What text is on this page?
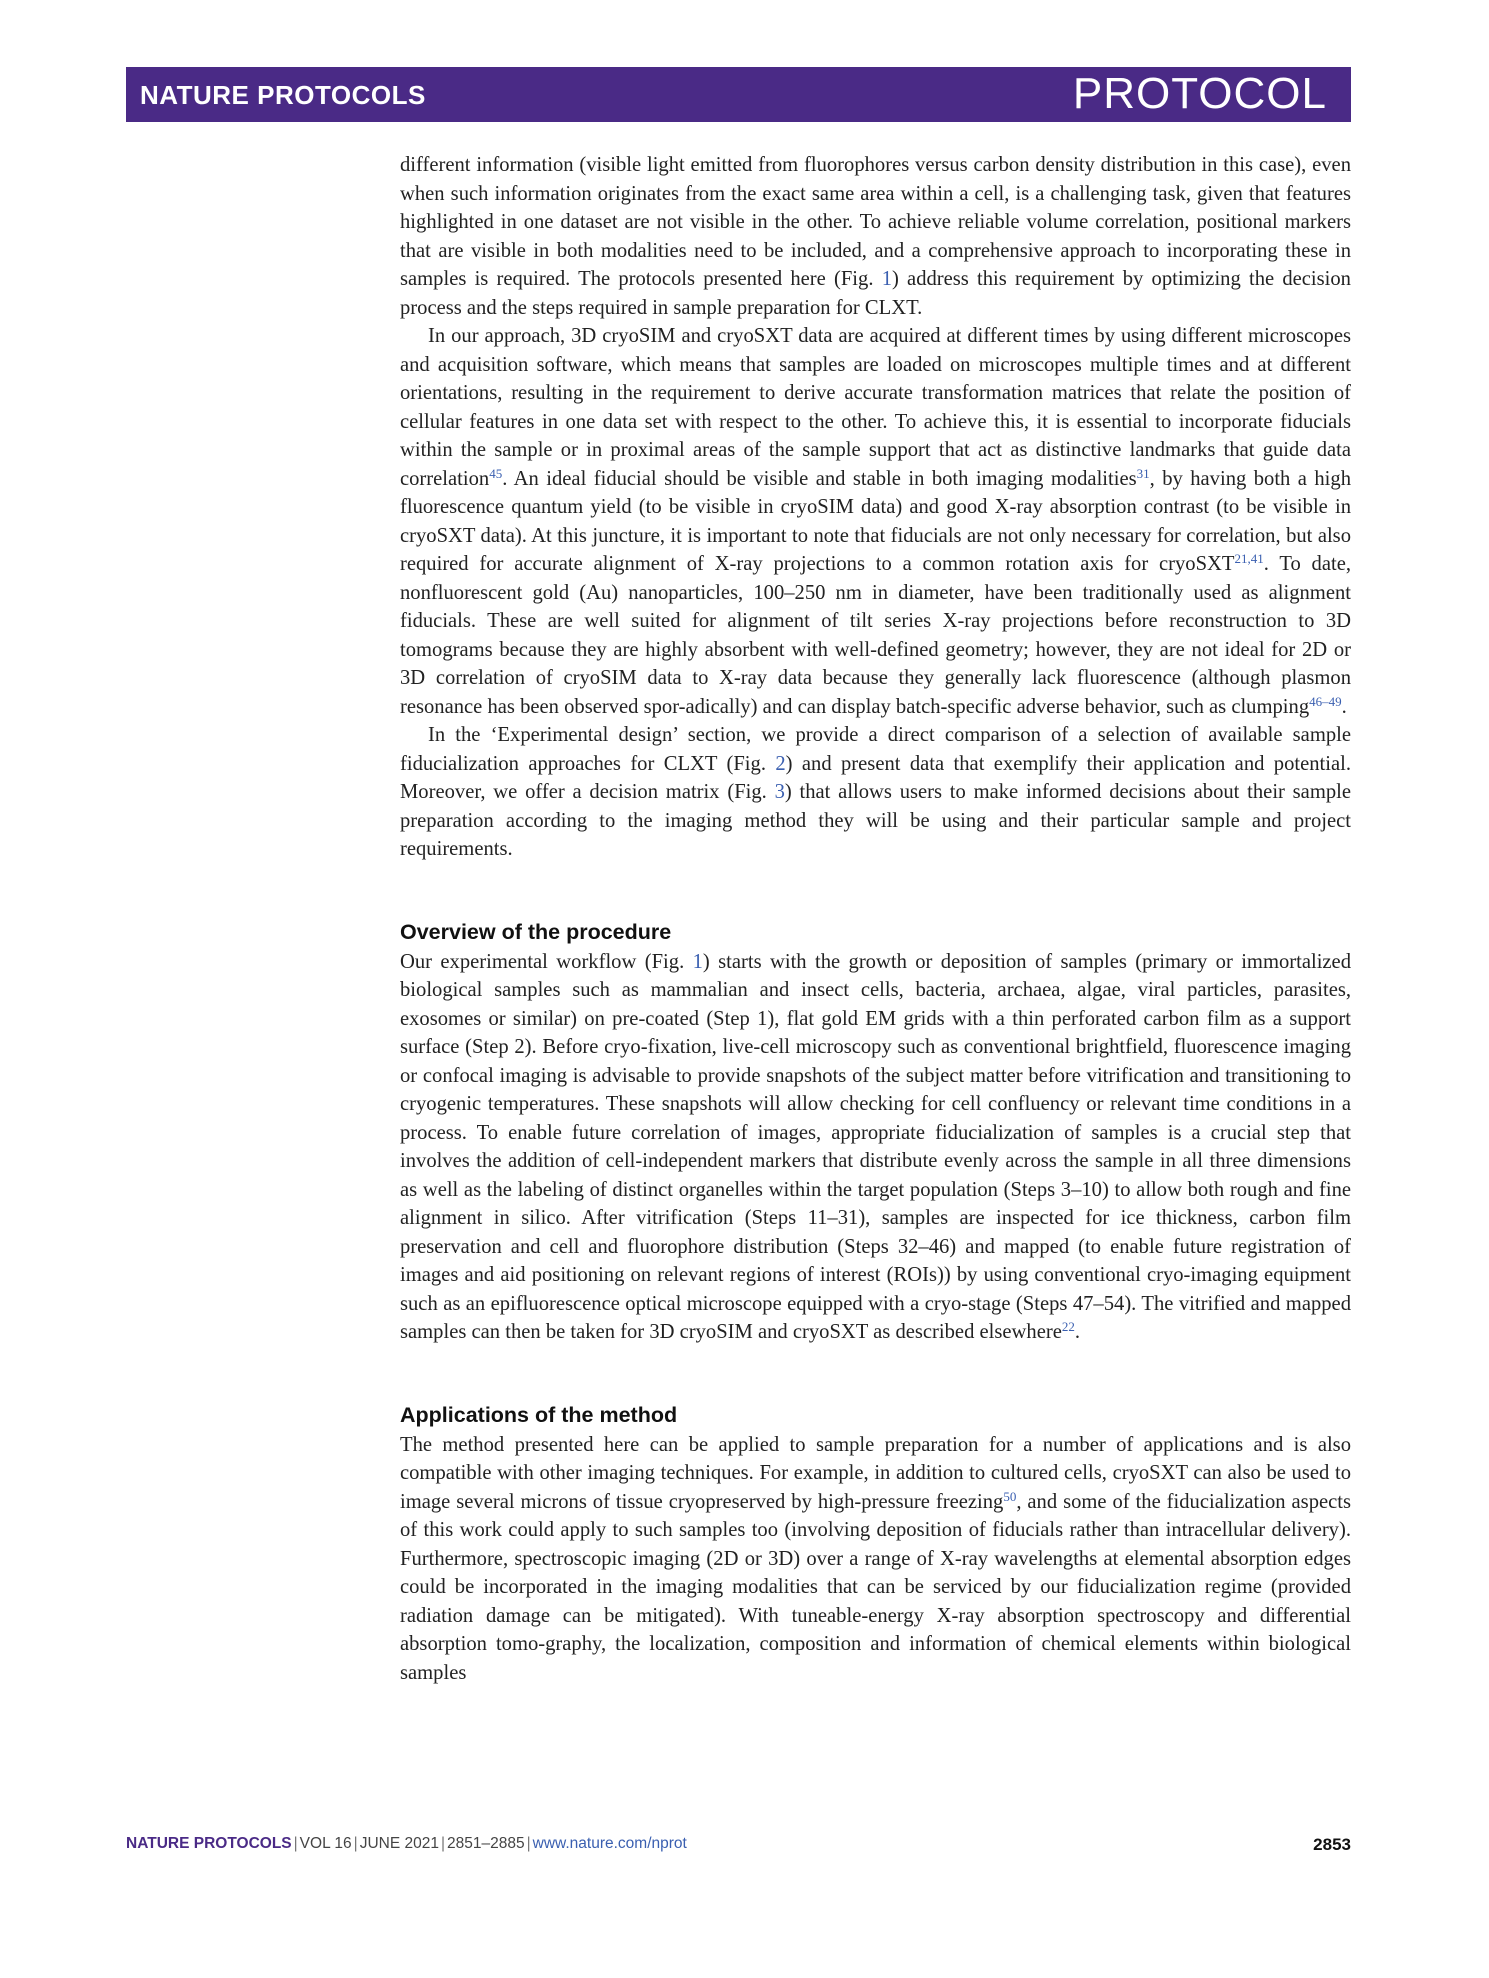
NATURE PROTOCOLS	PROTOCOL

different information (visible light emitted from fluorophores versus carbon density distribution in this case), even when such information originates from the exact same area within a cell, is a challenging task, given that features highlighted in one dataset are not visible in the other. To achieve reliable volume correlation, positional markers that are visible in both modalities need to be included, and a comprehensive approach to incorporating these in samples is required. The protocols presented here (Fig. 1) address this requirement by optimizing the decision process and the steps required in sample preparation for CLXT.

In our approach, 3D cryoSIM and cryoSXT data are acquired at different times by using different microscopes and acquisition software, which means that samples are loaded on microscopes multiple times and at different orientations, resulting in the requirement to derive accurate transformation matrices that relate the position of cellular features in one data set with respect to the other. To achieve this, it is essential to incorporate fiducials within the sample or in proximal areas of the sample support that act as distinctive landmarks that guide data correlation$^{45}$. An ideal fiducial should be visible and stable in both imaging modalities$^{31}$, by having both a high fluorescence quantum yield (to be visible in cryoSIM data) and good X-ray absorption contrast (to be visible in cryoSXT data). At this juncture, it is important to note that fiducials are not only necessary for correlation, but also required for accurate alignment of X-ray projections to a common rotation axis for cryoSXT$^{21,41}$. To date, nonfluorescent gold (Au) nanoparticles, 100–250 nm in diameter, have been traditionally used as alignment fiducials. These are well suited for alignment of tilt series X-ray projections before reconstruction to 3D tomograms because they are highly absorbent with well-defined geometry; however, they are not ideal for 2D or 3D correlation of cryoSIM data to X-ray data because they generally lack fluorescence (although plasmon resonance has been observed spor-adically) and can display batch-specific adverse behavior, such as clumping$^{46-49}$.

In the ‘Experimental design’ section, we provide a direct comparison of a selection of available sample fiducialization approaches for CLXT (Fig. 2) and present data that exemplify their application and potential. Moreover, we offer a decision matrix (Fig. 3) that allows users to make informed decisions about their sample preparation according to the imaging method they will be using and their particular sample and project requirements.

Overview of the procedure

Our experimental workflow (Fig. 1) starts with the growth or deposition of samples (primary or immortalized biological samples such as mammalian and insect cells, bacteria, archaea, algae, viral particles, parasites, exosomes or similar) on pre-coated (Step 1), flat gold EM grids with a thin perforated carbon film as a support surface (Step 2). Before cryo-fixation, live-cell microscopy such as conventional brightfield, fluorescence imaging or confocal imaging is advisable to provide snapshots of the subject matter before vitrification and transitioning to cryogenic temperatures. These snapshots will allow checking for cell confluency or relevant time conditions in a process. To enable future correlation of images, appropriate fiducialization of samples is a crucial step that involves the addition of cell-independent markers that distribute evenly across the sample in all three dimensions as well as the labeling of distinct organelles within the target population (Steps 3–10) to allow both rough and fine alignment in silico. After vitrification (Steps 11–31), samples are inspected for ice thickness, carbon film preservation and cell and fluorophore distribution (Steps 32–46) and mapped (to enable future registration of images and aid positioning on relevant regions of interest (ROIs)) by using conventional cryo-imaging equipment such as an epifluorescence optical microscope equipped with a cryo-stage (Steps 47–54). The vitrified and mapped samples can then be taken for 3D cryoSIM and cryoSXT as described elsewhere$^{22}$.

Applications of the method

The method presented here can be applied to sample preparation for a number of applications and is also compatible with other imaging techniques. For example, in addition to cultured cells, cryoSXT can also be used to image several microns of tissue cryopreserved by high-pressure freezing$^{50}$, and some of the fiducialization aspects of this work could apply to such samples too (involving deposition of fiducials rather than intracellular delivery). Furthermore, spectroscopic imaging (2D or 3D) over a range of X-ray wavelengths at elemental absorption edges could be incorporated in the imaging modalities that can be serviced by our fiducialization regime (provided radiation damage can be mitigated). With tuneable-energy X-ray absorption spectroscopy and differential absorption tomo-graphy, the localization, composition and information of chemical elements within biological samples

NATURE PROTOCOLS | VOL 16 | JUNE 2021 | 2851–2885 | www.nature.com/nprot	2853
